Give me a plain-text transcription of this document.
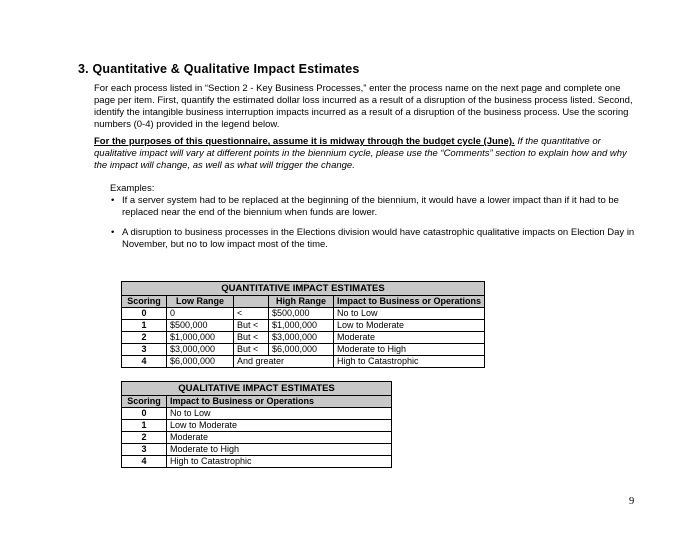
3. Quantitative & Qualitative Impact Estimates

For each process listed in “Section 2 - Key Business Processes,” enter the process name on the next page and complete one page per item. First, quantify the estimated dollar loss incurred as a result of a disruption of the business process listed. Second, identify the intangible business interruption impacts incurred as a result of a disruption of the business process. Use the scoring numbers (0-4) provided in the legend below.

For the purposes of this questionnaire, assume it is midway through the budget cycle (June). If the quantitative or qualitative impact will vary at different points in the biennium cycle, please use the “Comments” section to explain how and why the impact will change, as well as what will trigger the change.

Examples:
• If a server system had to be replaced at the beginning of the biennium, it would have a lower impact than if it had to be replaced near the end of the biennium when funds are lower.
• A disruption to business processes in the Elections division would have catastrophic qualitative impacts on Election Day in November, but no to low impact most of the time.
QUANTITATIVE IMPACT ESTIMATES				
Scoring	Low Range		High Range	Impact to Business or Operations
0	0	<	$500,000	No to Low
1	$500,000	But <	$1,000,000	Low to Moderate
2	$1,000,000	But <	$3,000,000	Moderate
3	$3,000,000	But <	$6,000,000	Moderate to High
4	$6,000,000	And greater		High to Catastrophic
QUALITATIVE IMPACT ESTIMATES	
Scoring	Impact to Business or Operations
0	No to Low
1	Low to Moderate
2	Moderate
3	Moderate to High
4	High to Catastrophic
9
